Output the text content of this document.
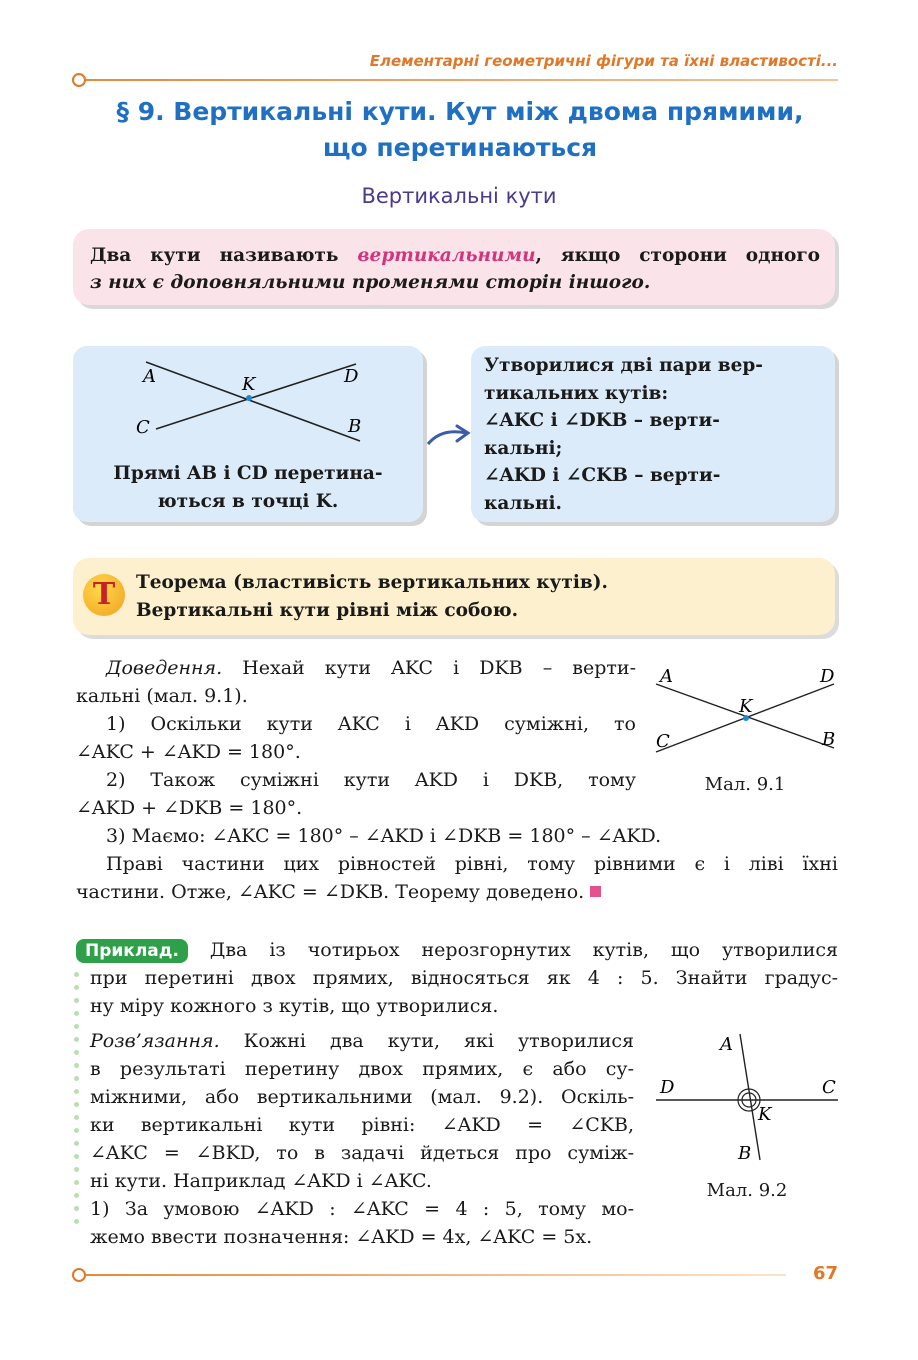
Елементарні геометричні фігури та їхні властивості...
§ 9. Вертикальні кути. Кут між двома прямими,
що перетинаються
Вертикальні кути
Два кути називають вертикальними, якщо сторони одного
з них є доповняльними променями сторін іншого.
A	D
K
C	B
Прямі AB і CD перетина-
ються в точці K.
Утворилися дві пари вер-
тикальних кутів:
∠AKC і ∠DKB – верти-
кальні;
∠AKD і ∠CKB – верти-
кальні.
T	Теорема (властивість вертикальних кутів).
Вертикальні кути рівні між собою.
Доведення. Нехай кути AKC і DKB – верти-
кальні (мал. 9.1).
1) Оскільки кути AKC і AKD суміжні, то
∠AKC + ∠AKD = 180°.
2) Також суміжні кути AKD і DKB, тому
∠AKD + ∠DKB = 180°.
3) Маємо: ∠AKC = 180° – ∠AKD і ∠DKB = 180° – ∠AKD.
Праві частини цих рівностей рівні, тому рівними є і ліві їхні
частини. Отже, ∠AKC = ∠DKB. Теорему доведено.
A	D
K
C	B
Мал. 9.1
Приклад. Два із чотирьох нерозгорнутих кутів, що утворилися
при перетині двох прямих, відносяться як 4 : 5. Знайти градус-
ну міру кожного з кутів, що утворилися.
Розв’язання. Кожні два кути, які утворилися
в результаті перетину двох прямих, є або су-
міжними, або вертикальними (мал. 9.2). Оскіль-
ки вертикальні кути рівні: ∠AKD = ∠CKB,
∠AKC = ∠BKD, то в задачі йдеться про суміж-
ні кути. Наприклад ∠AKD і ∠AKC.
1) За умовою ∠AKD : ∠AKC = 4 : 5, тому мо-
жемо ввести позначення: ∠AKD = 4x, ∠AKC = 5x.
A
D	C
K
B
Мал. 9.2
67
